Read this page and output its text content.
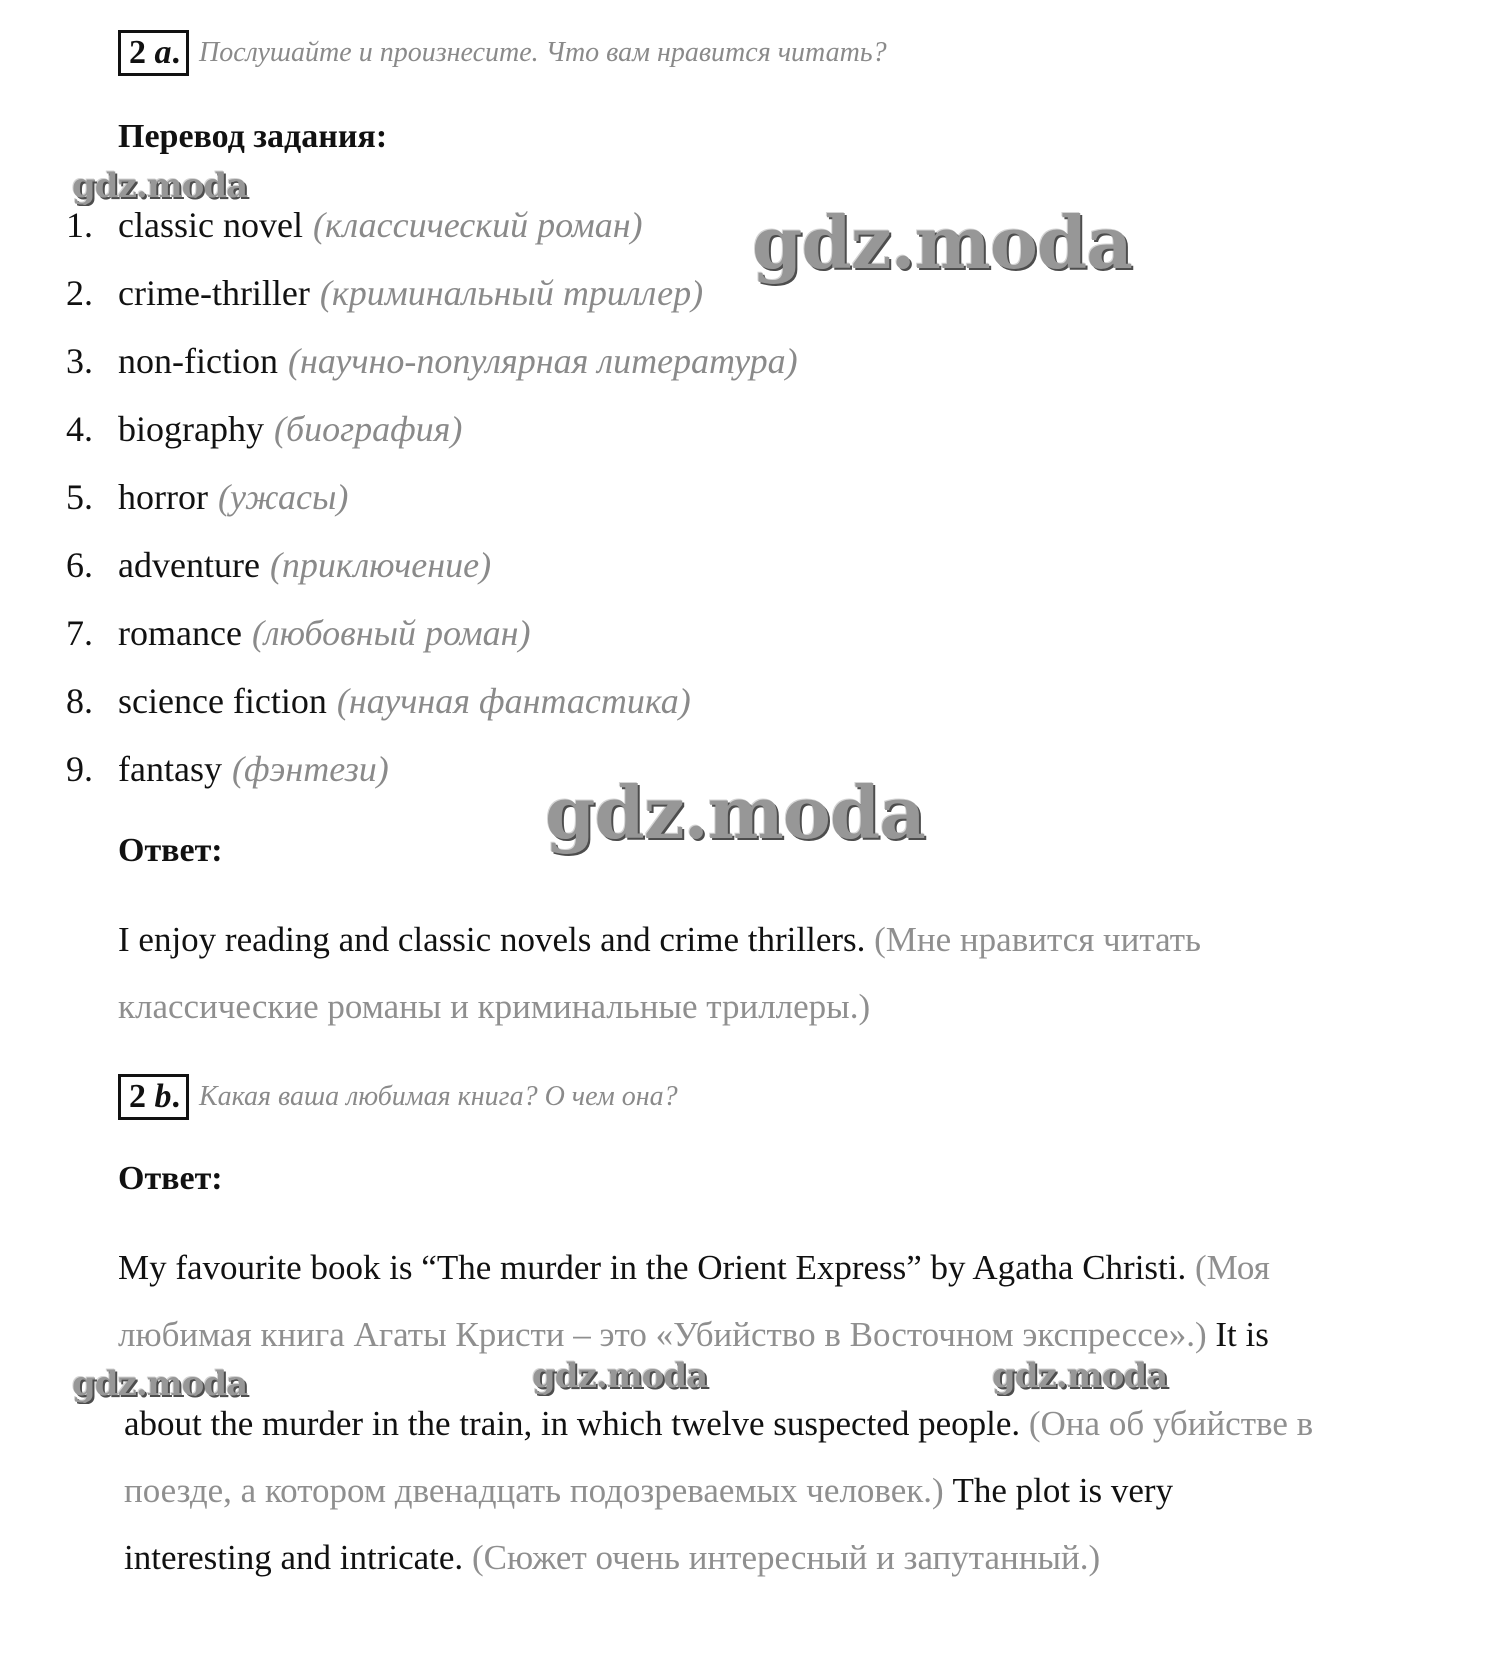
2 a. Послушайте и произнесите. Что вам нравится читать?
Перевод задания:
1. classic novel (классический роман)
2. crime-thriller (криминальный триллер)
3. non-fiction (научно-популярная литература)
4. biography (биография)
5. horror (ужасы)
6. adventure (приключение)
7. romance (любовный роман)
8. science fiction (научная фантастика)
9. fantasy (фэнтези)
Ответ:
I enjoy reading and classic novels and crime thrillers. (Мне нравится читать
классические романы и криминальные триллеры.)
2 b. Какая ваша любимая книга? О чем она?
Ответ:
My favourite book is “The murder in the Orient Express” by Agatha Christi. (Моя
любимая книга Агаты Кристи – это «Убийство в Восточном экспрессе».) It is
about the murder in the train, in which twelve suspected people. (Она об убийстве в
поезде, а котором двенадцать подозреваемых человек.) The plot is very
interesting and intricate. (Сюжет очень интересный и запутанный.)
gdz.moda
gdz.moda
gdz.moda
gdz.moda	gdz.moda	gdz.moda
